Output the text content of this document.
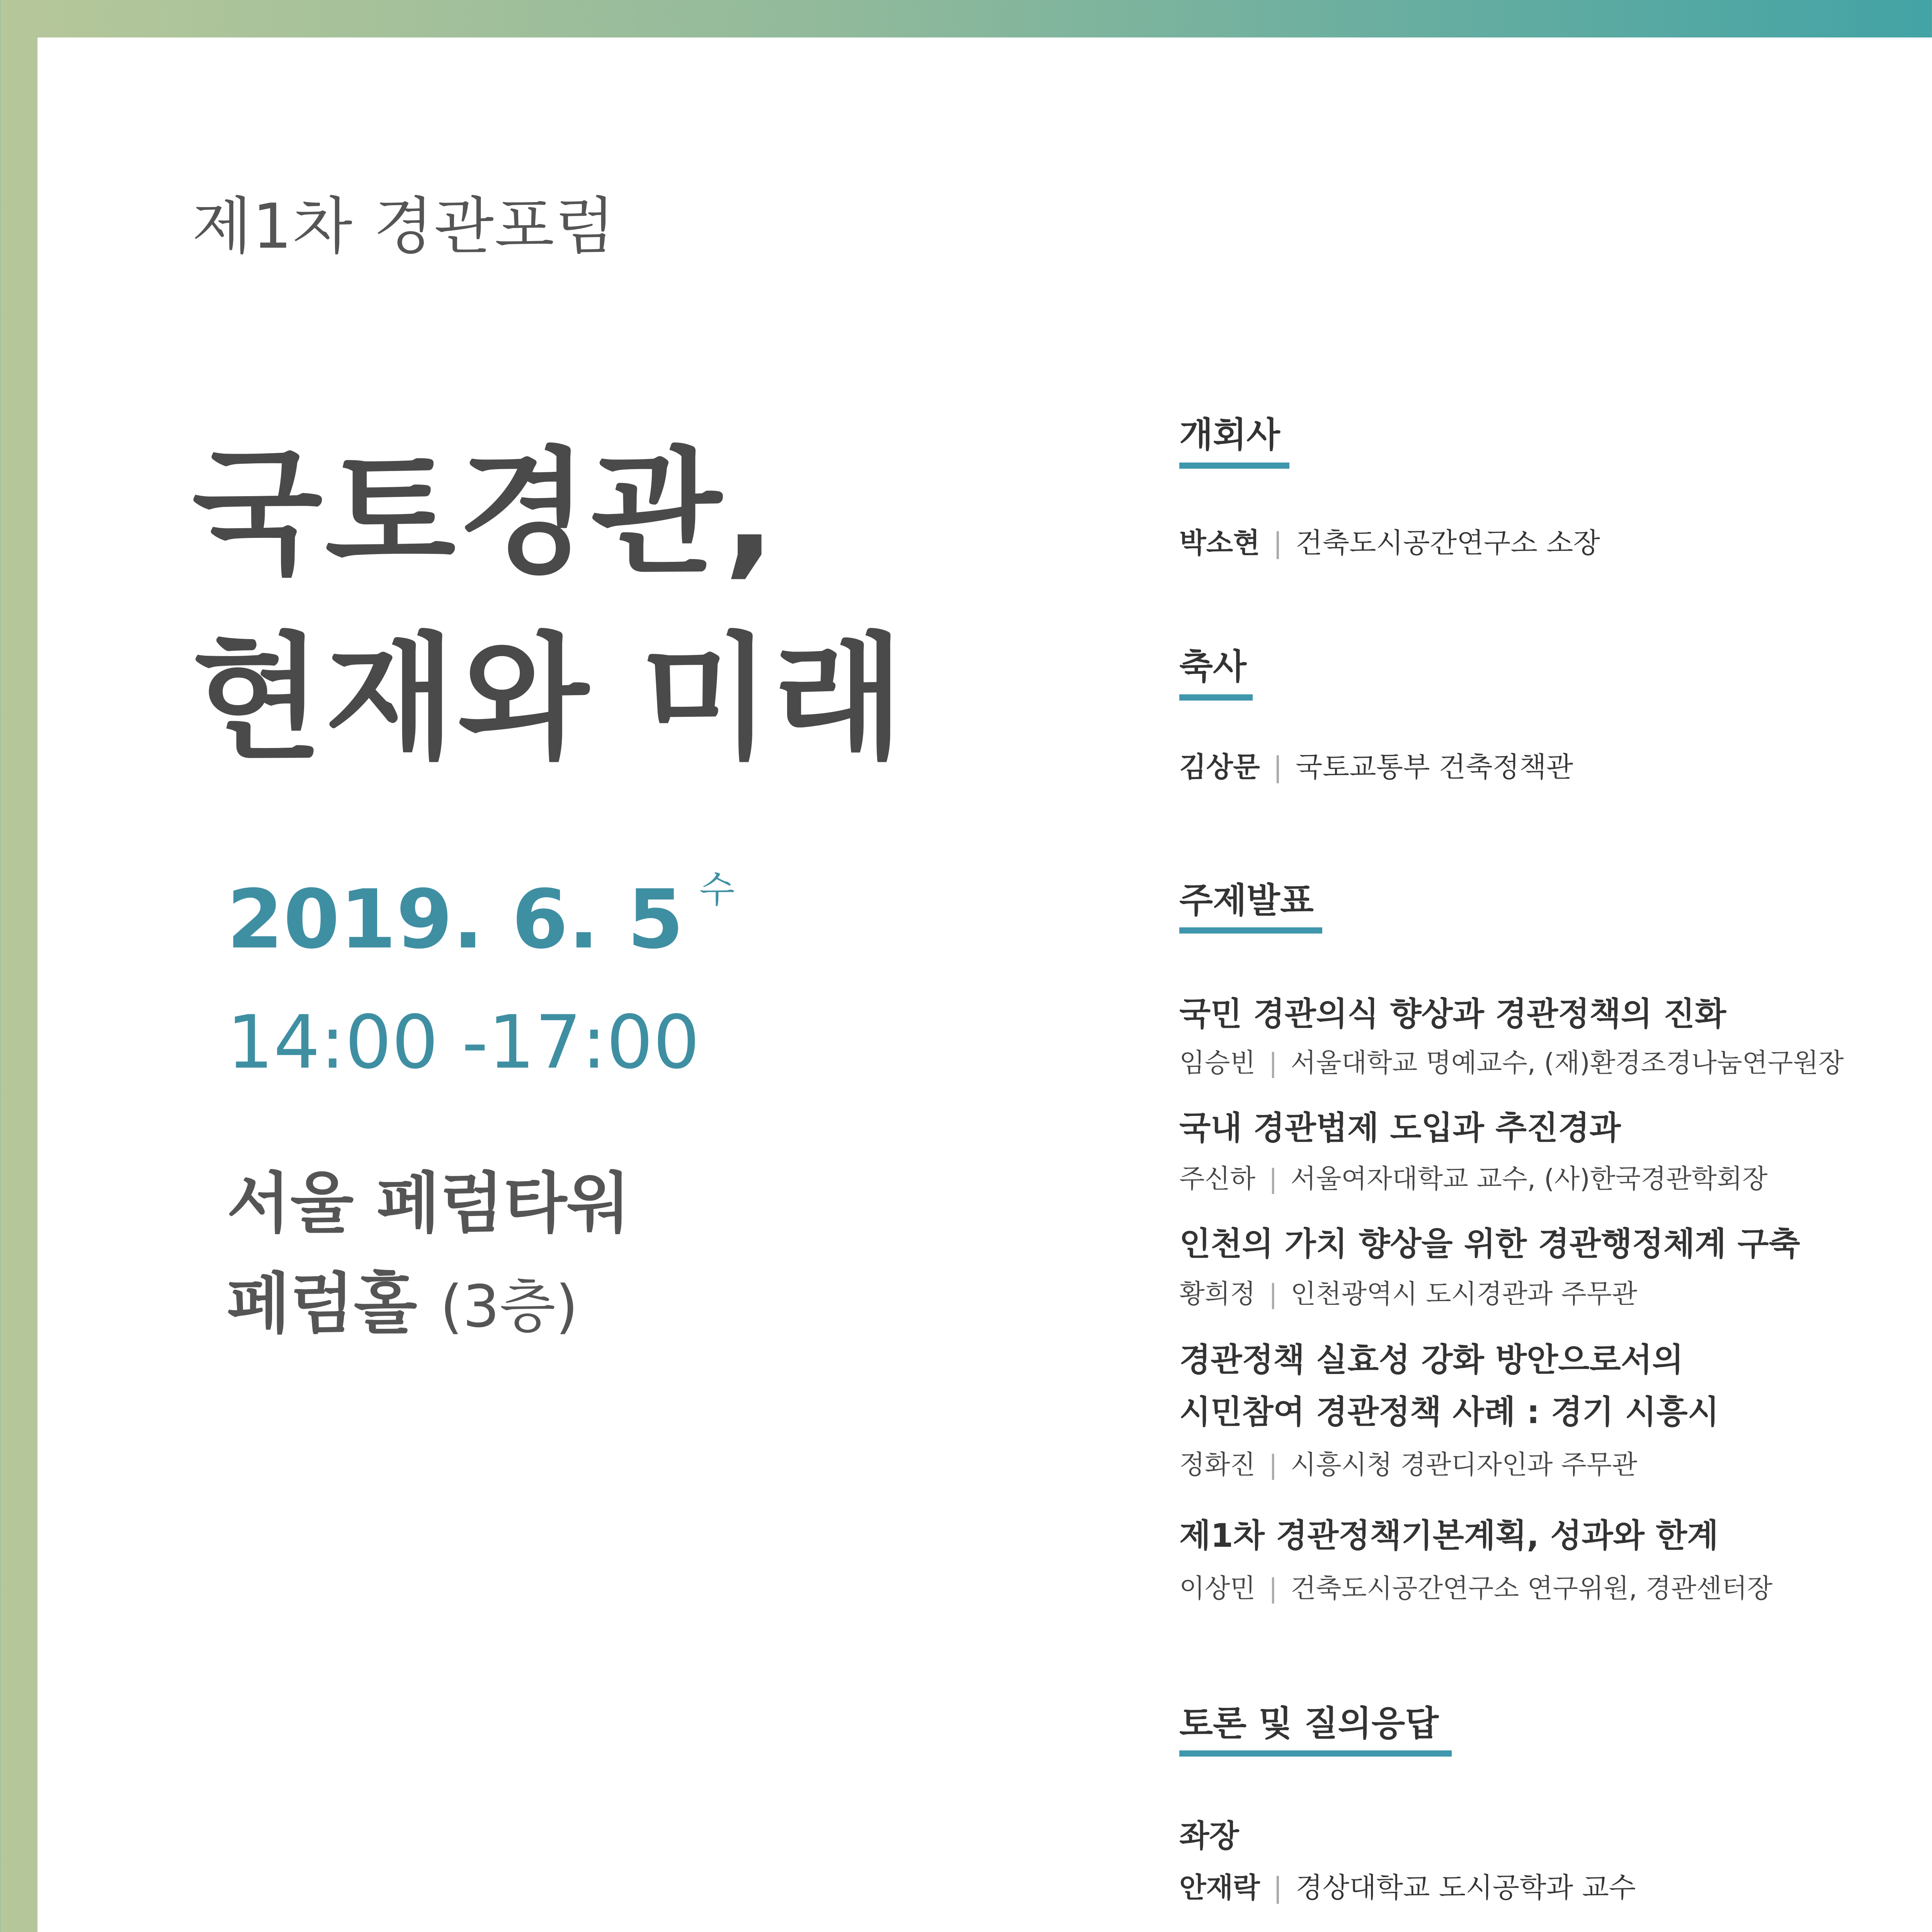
제1차 경관포럼
국토경관,
현재와 미래
2019. 6. 5 $^수$
14:00 -17:00
서울 페럼타워
페럼홀 (3층)
개회사
박소현 | 건축도시공간연구소 소장
축사
김상문 | 국토교통부 건축정책관
주제발표
국민 경관의식 향상과 경관정책의 진화
임승빈 | 서울대학교 명예교수, (재)환경조경나눔연구원장
국내 경관법제 도입과 추진경과
주신하 | 서울여자대학교 교수, (사)한국경관학회장
인천의 가치 향상을 위한 경관행정체계 구축
황희정 | 인천광역시 도시경관과 주무관
경관정책 실효성 강화 방안으로서의
시민참여 경관정책 사례 : 경기 시흥시
정화진 | 시흥시청 경관디자인과 주무관
제1차 경관정책기본계획, 성과와 한계
이상민 | 건축도시공간연구소 연구위원, 경관센터장
토론 및 질의응답
좌장
안재락 | 경상대학교 도시공학과 교수
